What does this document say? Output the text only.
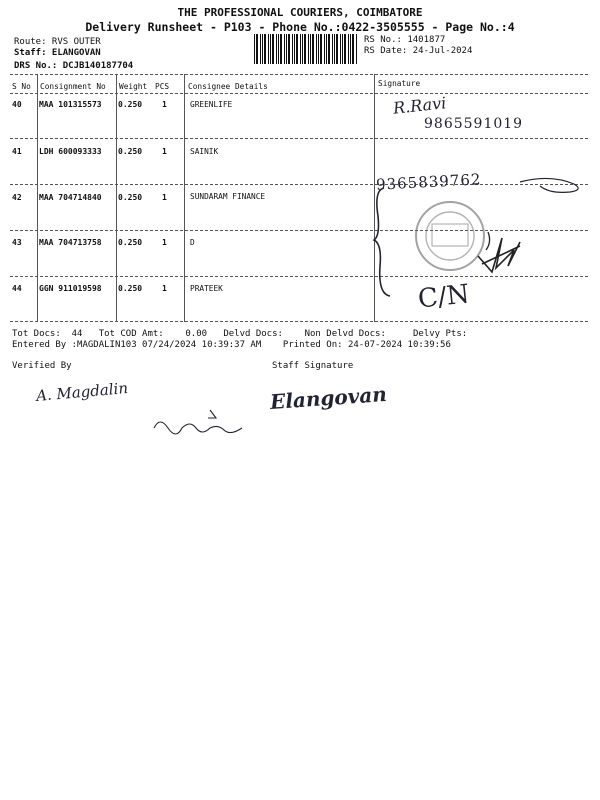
THE PROFESSIONAL COURIERS, COIMBATORE
Delivery Runsheet - P103 - Phone No.:0422-3505555 - Page No.:4
Route: RVS OUTER
Staff: ELANGOVAN
DRS No.: DCJB140187704
RS No.: 1401877
RS Date: 24-Jul-2024
S No Consignment No Weight PCS Consignee Details	Signature
40 MAA 101315573 0.250 1	GREENLIFE
41 LDH 600093333 0.250 1	SAINIK
42 MAA 704714840 0.250 1	SUNDARAM FINANCE
43 MAA 704713758 0.250 1	D
44 GGN 911019598 0.250 1	PRATEEK
R.Ravi
9865591019
9365839762
C/N
Tot Docs:  44   Tot COD Amt:    0.00   Delvd Docs:    Non Delvd Docs:     Delvy Pts:
Entered By :MAGDALIN103 07/24/2024 10:39:37 AM    Printed On: 24-07-2024 10:39:56
Verified By	Staff Signature
A. Magdalin	Elangovan
